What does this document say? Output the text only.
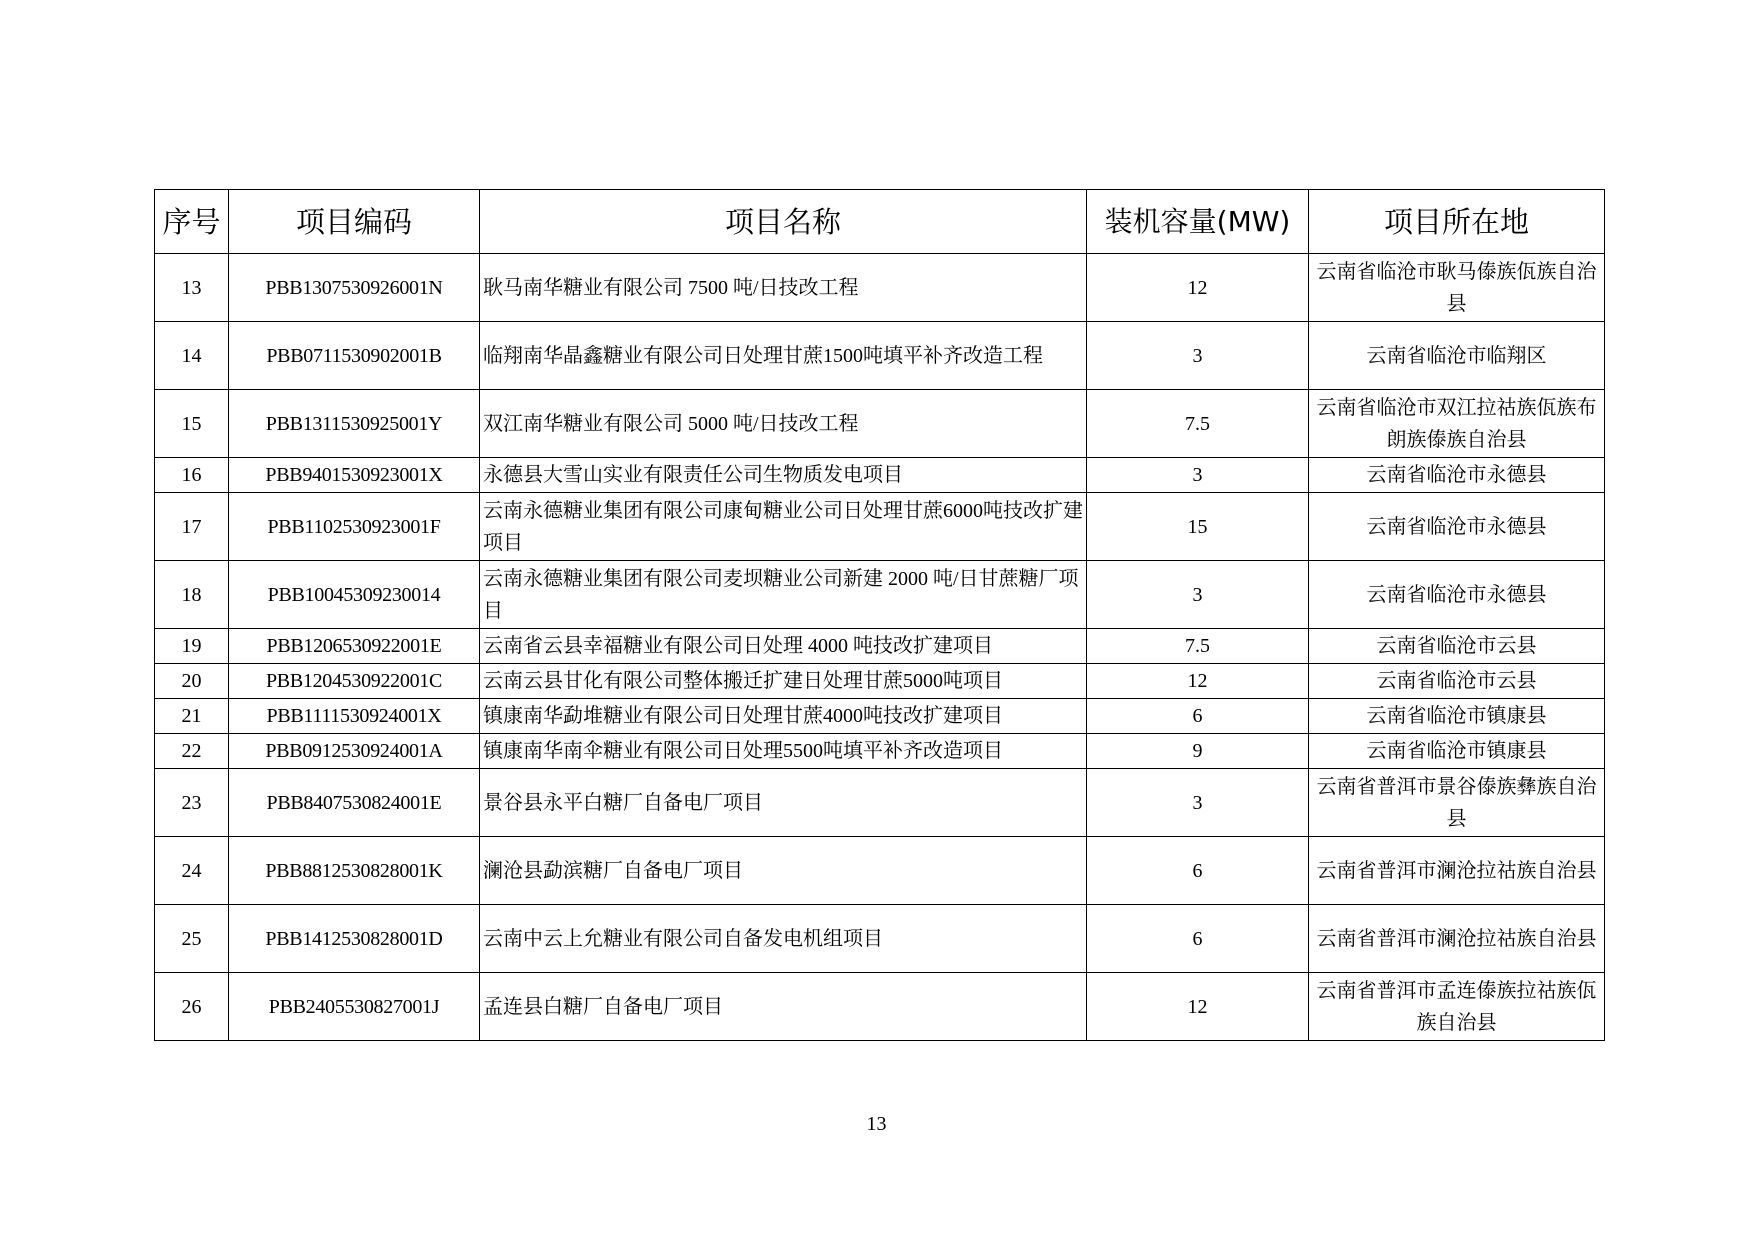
序号	项目编码	项目名称	装机容量(MW)	项目所在地
13	PBB1307530926001N	耿马南华糖业有限公司 7500 吨/日技改工程	12	云南省临沧市耿马傣族佤族自治县
14	PBB0711530902001B	临翔南华晶鑫糖业有限公司日处理甘蔗1500吨填平补齐改造工程	3	云南省临沧市临翔区
15	PBB1311530925001Y	双江南华糖业有限公司 5000 吨/日技改工程	7.5	云南省临沧市双江拉祜族佤族布朗族傣族自治县
16	PBB9401530923001X	永德县大雪山实业有限责任公司生物质发电项目	3	云南省临沧市永德县
17	PBB1102530923001F	云南永德糖业集团有限公司康甸糖业公司日处理甘蔗6000吨技改扩建项目	15	云南省临沧市永德县
18	PBB10045309230014	云南永德糖业集团有限公司麦坝糖业公司新建 2000 吨/日甘蔗糖厂项目	3	云南省临沧市永德县
19	PBB1206530922001E	云南省云县幸福糖业有限公司日处理 4000 吨技改扩建项目	7.5	云南省临沧市云县
20	PBB1204530922001C	云南云县甘化有限公司整体搬迁扩建日处理甘蔗5000吨项目	12	云南省临沧市云县
21	PBB1111530924001X	镇康南华勐堆糖业有限公司日处理甘蔗4000吨技改扩建项目	6	云南省临沧市镇康县
22	PBB0912530924001A	镇康南华南伞糖业有限公司日处理5500吨填平补齐改造项目	9	云南省临沧市镇康县
23	PBB8407530824001E	景谷县永平白糖厂自备电厂项目	3	云南省普洱市景谷傣族彝族自治县
24	PBB8812530828001K	澜沧县勐滨糖厂自备电厂项目	6	云南省普洱市澜沧拉祜族自治县
25	PBB1412530828001D	云南中云上允糖业有限公司自备发电机组项目	6	云南省普洱市澜沧拉祜族自治县
26	PBB2405530827001J	孟连县白糖厂自备电厂项目	12	云南省普洱市孟连傣族拉祜族佤族自治县
13
